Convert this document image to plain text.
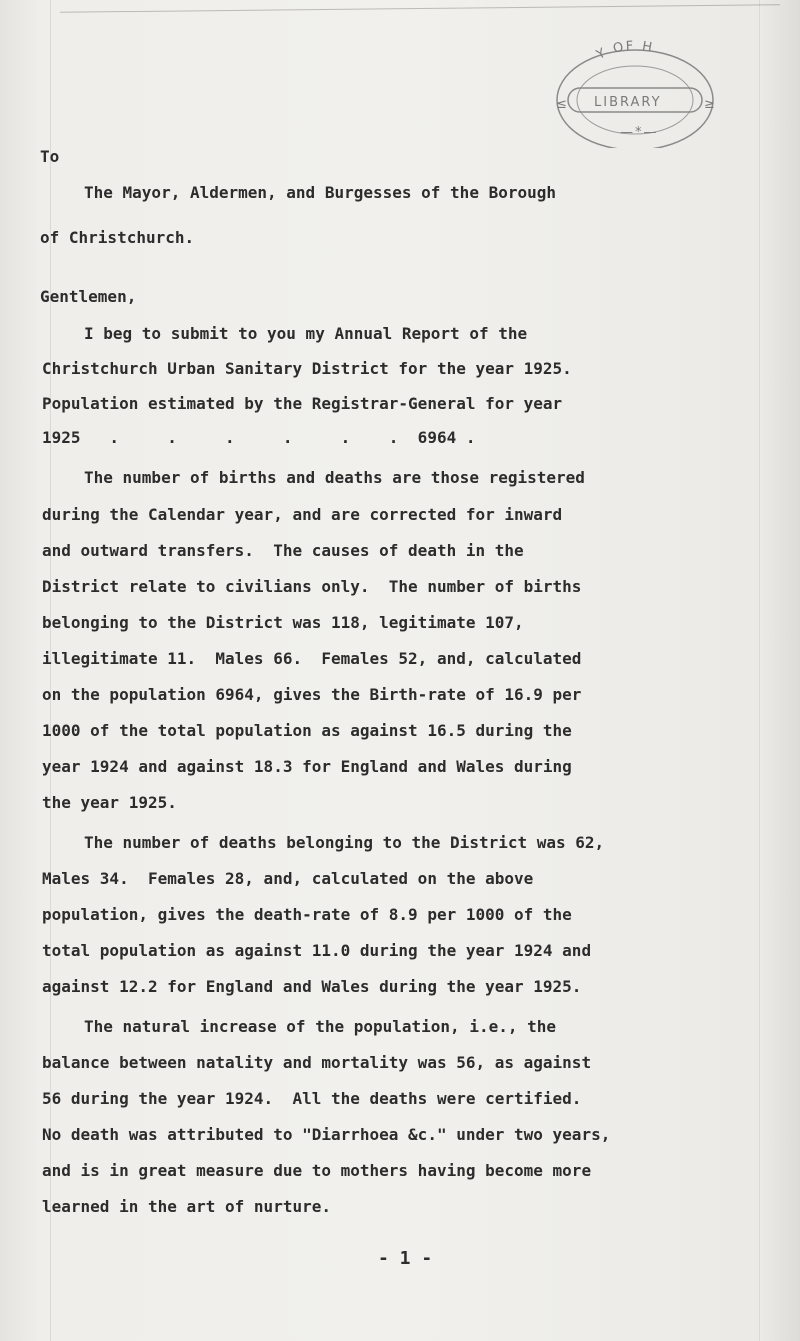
Y OF H
LIBRARY
≤	≥
—*—
To
The Mayor, Aldermen, and Burgesses of the Borough
of Christchurch.
Gentlemen,
I beg to submit to you my Annual Report of the
Christchurch Urban Sanitary District for the year 1925.
Population estimated by the Registrar-General for year
1925   .     .     .     .     .    .  6964 .
The number of births and deaths are those registered
during the Calendar year, and are corrected for inward
and outward transfers.  The causes of death in the
District relate to civilians only.  The number of births
belonging to the District was 118, legitimate 107,
illegitimate 11.  Males 66.  Females 52, and, calculated
on the population 6964, gives the Birth-rate of 16.9 per
1000 of the total population as against 16.5 during the
year 1924 and against 18.3 for England and Wales during
the year 1925.
The number of deaths belonging to the District was 62,
Males 34.  Females 28, and, calculated on the above
population, gives the death-rate of 8.9 per 1000 of the
total population as against 11.0 during the year 1924 and
against 12.2 for England and Wales during the year 1925.
The natural increase of the population, i.e., the
balance between natality and mortality was 56, as against
56 during the year 1924.  All the deaths were certified.
No death was attributed to "Diarrhoea &c." under two years,
and is in great measure due to mothers having become more
learned in the art of nurture.
- 1 -
